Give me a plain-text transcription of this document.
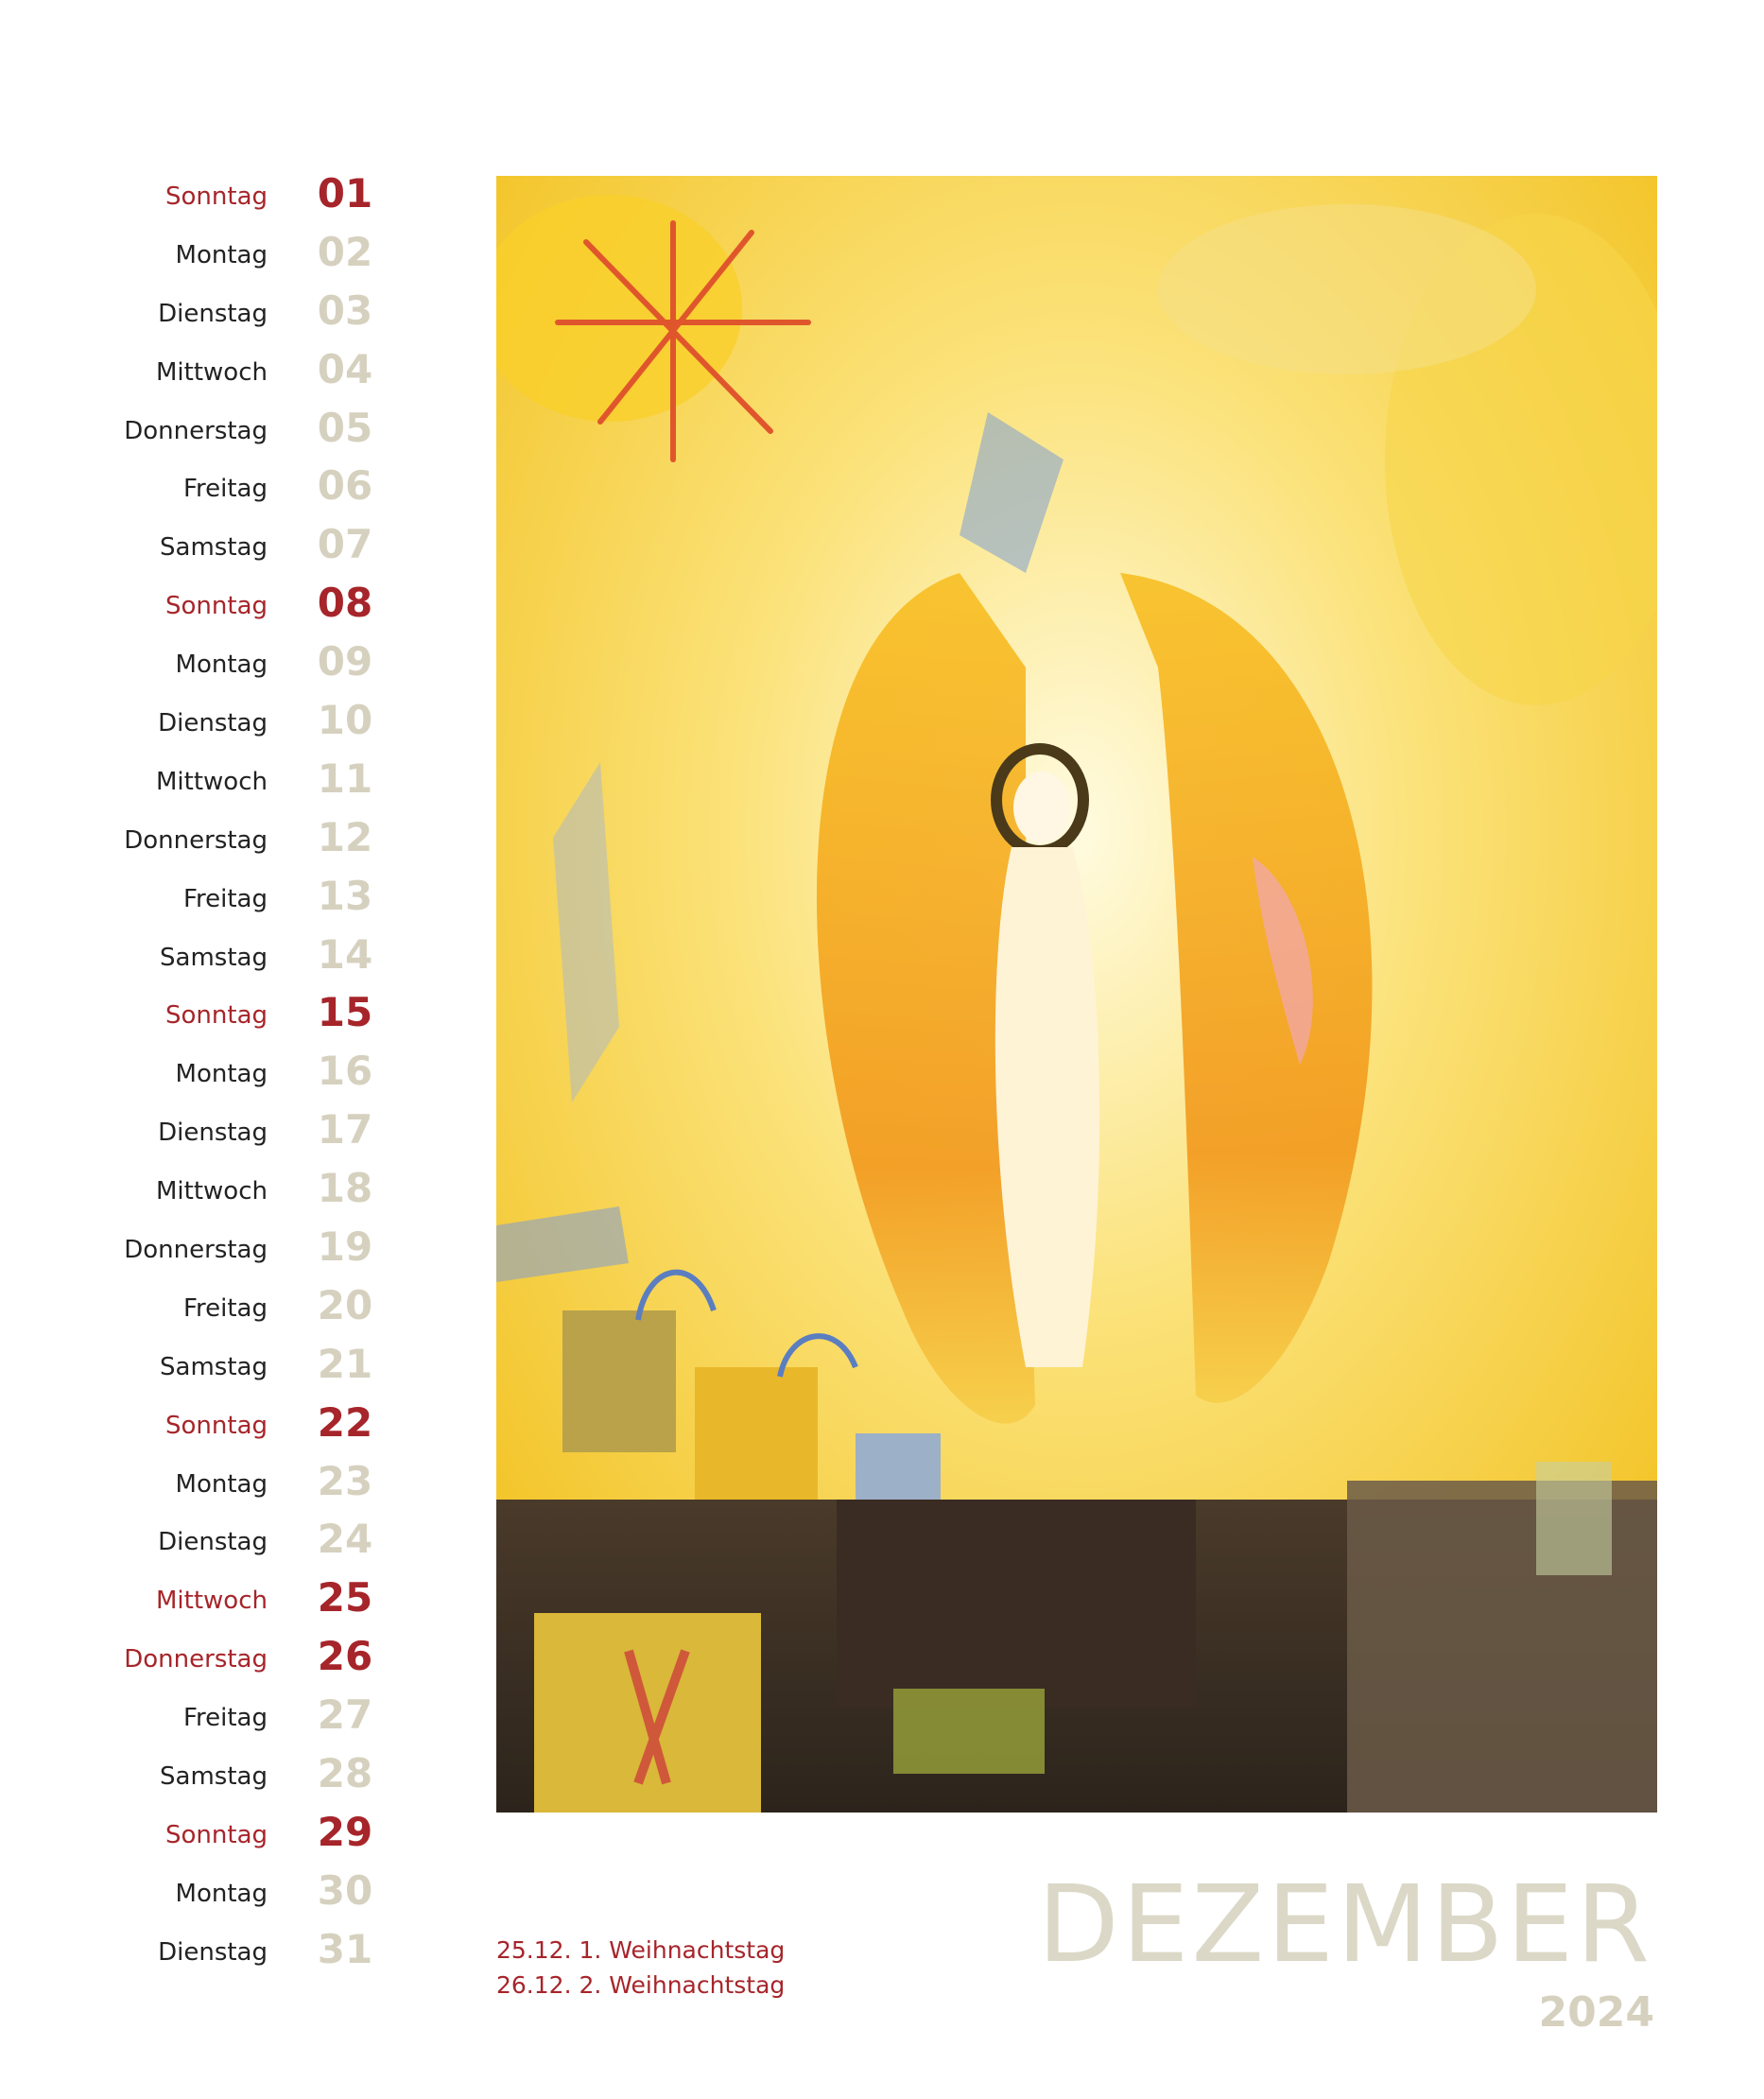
Sonntag 01
Montag 02
Dienstag 03
Mittwoch 04
Donnerstag 05
Freitag 06
Samstag 07
Sonntag 08
Montag 09
Dienstag 10
Mittwoch 11
Donnerstag 12
Freitag 13
Samstag 14
Sonntag 15
Montag 16
Dienstag 17
Mittwoch 18
Donnerstag 19
Freitag 20
Samstag 21
Sonntag 22
Montag 23
Dienstag 24
Mittwoch 25
Donnerstag 26
Freitag 27
Samstag 28
Sonntag 29
Montag 30
Dienstag 31	25.12. 1. Weihnachtstag
26.12. 2. Weihnachtstag DEZEMBER
2024
